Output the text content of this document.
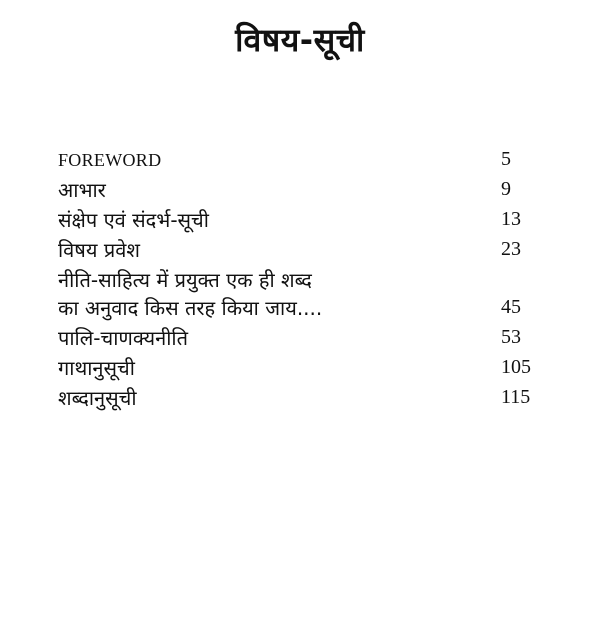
विषय-सूची
FOREWORD	5
आभार	9
संक्षेप एवं संदर्भ-सूची	13
विषय प्रवेश	23
नीति-साहित्य में प्रयुक्त एक ही शब्द
का अनुवाद किस तरह किया जाय....	45
पालि-चाणक्यनीति	53
गाथानुसूची	105
शब्दानुसूची	115
